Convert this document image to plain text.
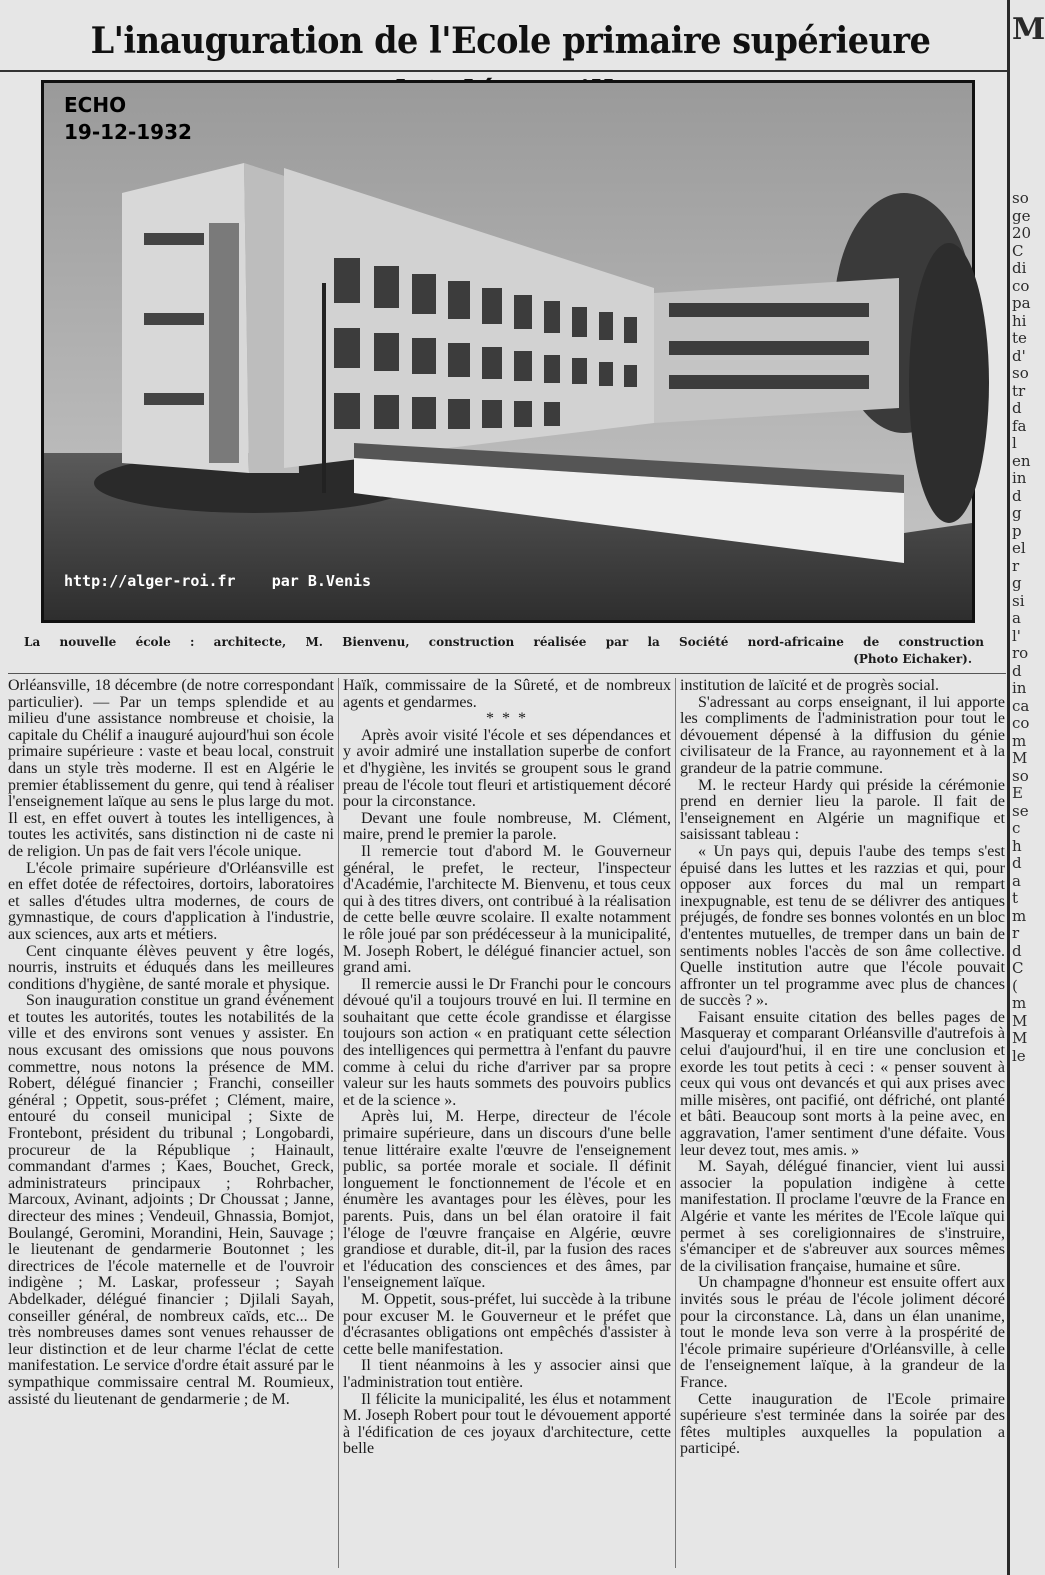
L'inauguration de l'Ecole primaire supérieure	M
so
ge
20
C
di
co
pa
hi
te
d'
so
tr
d
fa
l
en
in
d
g
p
el
r
g
si
a
l'
ro
d
in
ca
co
m
M
so
E
se
c
h
d
a
t
m
r
d
C
(
m
M
M
le
ECHO
19-12-1932
http://alger-roi.fr    par B.Venis
La nouvelle école : architecte, M. Bienvenu, construction réalisée par la Société nord-africaine de construction
(Photo Eichaker).

Orléansville, 18 décembre (de notre correspondant particulier). — Par un temps splendide et au milieu d'une assistance nombreuse et choisie, la capitale du Chélif a inauguré aujourd'hui son école primaire supérieure : vaste et beau local, construit dans un style très moderne. Il est en Algérie le premier établissement du genre, qui tend à réaliser l'enseignement laïque au sens le plus large du mot. Il est, en effet ouvert à toutes les intelligences, à toutes les activités, sans distinction ni de caste ni de religion. Un pas de fait vers l'école unique.

L'école primaire supérieure d'Orléansville est en effet dotée de réfectoires, dortoirs, laboratoires et salles d'études ultra modernes, de cours de gymnastique, de cours d'application à l'industrie, aux sciences, aux arts et métiers.

Cent cinquante élèves peuvent y être logés, nourris, instruits et éduqués dans les meilleures conditions d'hygiène, de santé morale et physique.

Son inauguration constitue un grand événement et toutes les autorités, toutes les notabilités de la ville et des environs sont venues y assister. En nous excusant des omissions que nous pouvons commettre, nous notons la présence de MM. Robert, délégué financier ; Franchi, conseiller général ; Oppetit, sous-préfet ; Clément, maire, entouré du conseil municipal ; Sixte de Frontebont, président du tribunal ; Longobardi, procureur de la République ; Hainault, commandant d'armes ; Kaes, Bouchet, Greck, administrateurs principaux ; Rohrbacher, Marcoux, Avinant, adjoints ; Dr Choussat ; Janne, directeur des mines ; Vendeuil, Ghnassia, Bomjot, Boulangé, Geromini, Morandini, Hein, Sauvage ; le lieutenant de gendarmerie Boutonnet ; les directrices de l'école maternelle et de l'ouvroir indigène ; M. Laskar, professeur ; Sayah Abdelkader, délégué financier ; Djilali Sayah, conseiller général, de nombreux caïds, etc... De très nombreuses dames sont venues rehausser de leur distinction et de leur charme l'éclat de cette manifestation. Le service d'ordre était assuré par le sympathique commissaire central M. Roumieux, assisté du lieutenant de gendarmerie ; de M.

Haïk, commissaire de la Sûreté, et de nombreux agents et gendarmes.

* * *

Après avoir visité l'école et ses dépendances et y avoir admiré une installation superbe de confort et d'hygiène, les invités se groupent sous le grand preau de l'école tout fleuri et artistiquement décoré pour la circonstance.

Devant une foule nombreuse, M. Clément, maire, prend le premier la parole.

Il remercie tout d'abord M. le Gouverneur général, le prefet, le recteur, l'inspecteur d'Académie, l'architecte M. Bienvenu, et tous ceux qui à des titres divers, ont contribué à la réalisation de cette belle œuvre scolaire. Il exalte notamment le rôle joué par son prédécesseur à la municipalité, M. Joseph Robert, le délégué financier actuel, son grand ami.

Il remercie aussi le Dr Franchi pour le concours dévoué qu'il a toujours trouvé en lui. Il termine en souhaitant que cette école grandisse et élargisse toujours son action « en pratiquant cette sélection des intelligences qui permettra à l'enfant du pauvre comme à celui du riche d'arriver par sa propre valeur sur les hauts sommets des pouvoirs publics et de la science ».

Après lui, M. Herpe, directeur de l'école primaire supérieure, dans un discours d'une belle tenue littéraire exalte l'œuvre de l'enseignement public, sa portée morale et sociale. Il définit longuement le fonctionnement de l'école et en énumère les avantages pour les élèves, pour les parents. Puis, dans un bel élan oratoire il fait l'éloge de l'œuvre française en Algérie, œuvre grandiose et durable, dit-il, par la fusion des races et l'éducation des consciences et des âmes, par l'enseignement laïque.

M. Oppetit, sous-préfet, lui succède à la tribune pour excuser M. le Gouverneur et le préfet que d'écrasantes obligations ont empêchés d'assister à cette belle manifestation.

Il tient néanmoins à les y associer ainsi que l'administration tout entière.

Il félicite la municipalité, les élus et notamment M. Joseph Robert pour tout le dévouement apporté à l'édification de ces joyaux d'architecture, cette belle

institution de laïcité et de progrès social.

S'adressant au corps enseignant, il lui apporte les compliments de l'administration pour tout le dévouement dépensé à la diffusion du génie civilisateur de la France, au rayonnement et à la grandeur de la patrie commune.

M. le recteur Hardy qui préside la cérémonie prend en dernier lieu la parole. Il fait de l'enseignement en Algérie un magnifique et saisissant tableau :

« Un pays qui, depuis l'aube des temps s'est épuisé dans les luttes et les razzias et qui, pour opposer aux forces du mal un rempart inexpugnable, est tenu de se délivrer des antiques préjugés, de fondre ses bonnes volontés en un bloc d'ententes mutuelles, de tremper dans un bain de sentiments nobles l'accès de son âme collective. Quelle institution autre que l'école pouvait affronter un tel programme avec plus de chances de succès ? ».

Faisant ensuite citation des belles pages de Masqueray et comparant Orléansville d'autrefois à celui d'aujourd'hui, il en tire une conclusion et exorde les tout petits à ceci : « penser souvent à ceux qui vous ont devancés et qui aux prises avec mille misères, ont pacifié, ont défriché, ont planté et bâti. Beaucoup sont morts à la peine avec, en aggravation, l'amer sentiment d'une défaite. Vous leur devez tout, mes amis. »

M. Sayah, délégué financier, vient lui aussi associer la population indigène à cette manifestation. Il proclame l'œuvre de la France en Algérie et vante les mérites de l'Ecole laïque qui permet à ses coreligionnaires de s'instruire, s'émanciper et de s'abreuver aux sources mêmes de la civilisation française, humaine et sûre.

Un champagne d'honneur est ensuite offert aux invités sous le préau de l'école joliment décoré pour la circonstance. Là, dans un élan unanime, tout le monde leva son verre à la prospérité de l'école primaire supérieure d'Orléansville, à celle de l'enseignement laïque, à la grandeur de la France.

Cette inauguration de l'Ecole primaire supérieure s'est terminée dans la soirée par des fêtes multiples auxquelles la population a participé.
